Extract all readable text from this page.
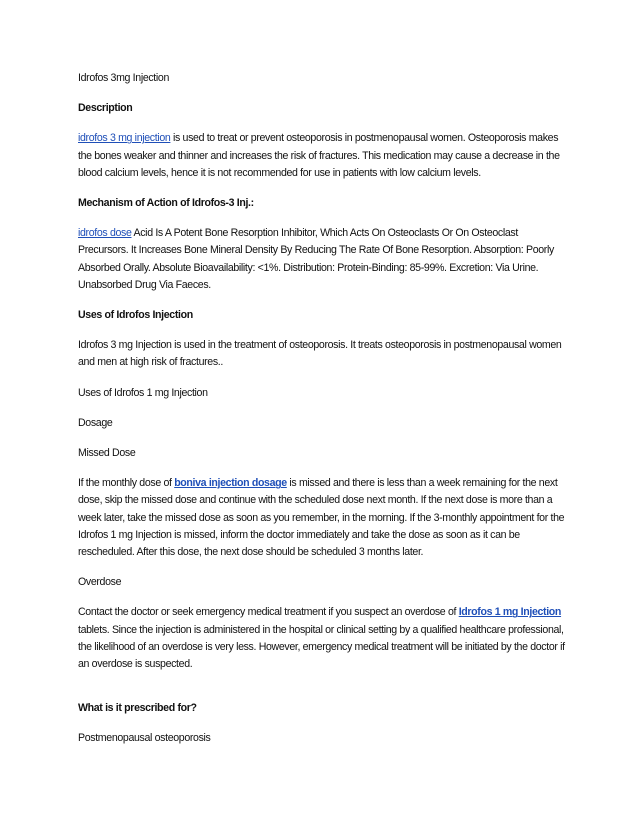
Idrofos 3mg Injection

Description

idrofos 3 mg injection is used to treat or prevent osteoporosis in postmenopausal women. Osteoporosis makes the bones weaker and thinner and increases the risk of fractures. This medication may cause a decrease in the blood calcium levels, hence it is not recommended for use in patients with low calcium levels.

Mechanism of Action of Idrofos-3 Inj.:

idrofos dose Acid Is A Potent Bone Resorption Inhibitor, Which Acts On Osteoclasts Or On Osteoclast Precursors. It Increases Bone Mineral Density By Reducing The Rate Of Bone Resorption. Absorption: Poorly Absorbed Orally. Absolute Bioavailability: <1%. Distribution: Protein-Binding: 85-99%. Excretion: Via Urine. Unabsorbed Drug Via Faeces.

Uses of Idrofos Injection

Idrofos 3 mg Injection is used in the treatment of osteoporosis. It treats osteoporosis in postmenopausal women and men at high risk of fractures..

Uses of Idrofos 1 mg Injection

Dosage

Missed Dose

If the monthly dose of boniva injection dosage is missed and there is less than a week remaining for the next dose, skip the missed dose and continue with the scheduled dose next month. If the next dose is more than a week later, take the missed dose as soon as you remember, in the morning. If the 3-monthly appointment for the Idrofos 1 mg Injection is missed, inform the doctor immediately and take the dose as soon as it can be rescheduled. After this dose, the next dose should be scheduled 3 months later.

Overdose

Contact the doctor or seek emergency medical treatment if you suspect an overdose of Idrofos 1 mg Injection tablets. Since the injection is administered in the hospital or clinical setting by a qualified healthcare professional, the likelihood of an overdose is very less. However, emergency medical treatment will be initiated by the doctor if an overdose is suspected.

What is it prescribed for?

Postmenopausal osteoporosis
